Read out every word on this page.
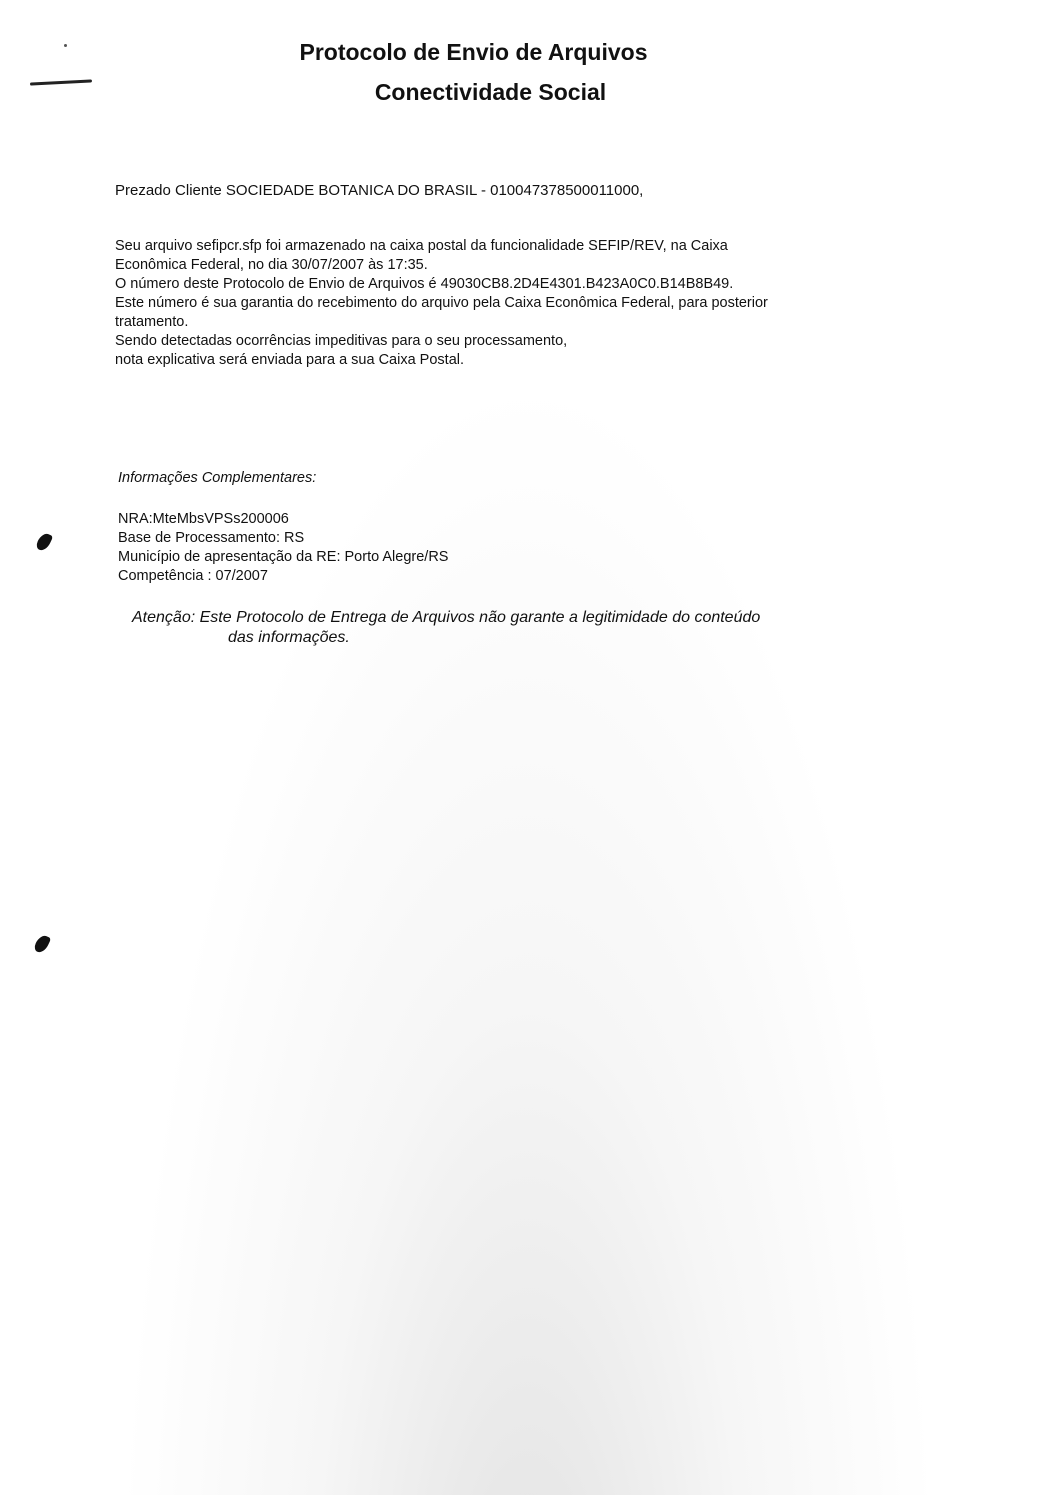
Protocolo de Envio de Arquivos
Conectividade Social

Prezado Cliente SOCIEDADE BOTANICA DO BRASIL - 010047378500011000,

Seu arquivo sefipcr.sfp foi armazenado na caixa postal da funcionalidade SEFIP/REV, na Caixa
Econômica Federal, no dia 30/07/2007 às 17:35.
O número deste Protocolo de Envio de Arquivos é 49030CB8.2D4E4301.B423A0C0.B14B8B49.
Este número é sua garantia do recebimento do arquivo pela Caixa Econômica Federal, para posterior
tratamento.
Sendo detectadas ocorrências impeditivas para o seu processamento,
nota explicativa será enviada para a sua Caixa Postal.

Informações Complementares:

NRA:MteMbsVPSs200006
Base de Processamento: RS
Município de apresentação da RE: Porto Alegre/RS
Competência : 07/2007
Atenção: Este Protocolo de Entrega de Arquivos não garante a legitimidade do conteúdo
das informações.
